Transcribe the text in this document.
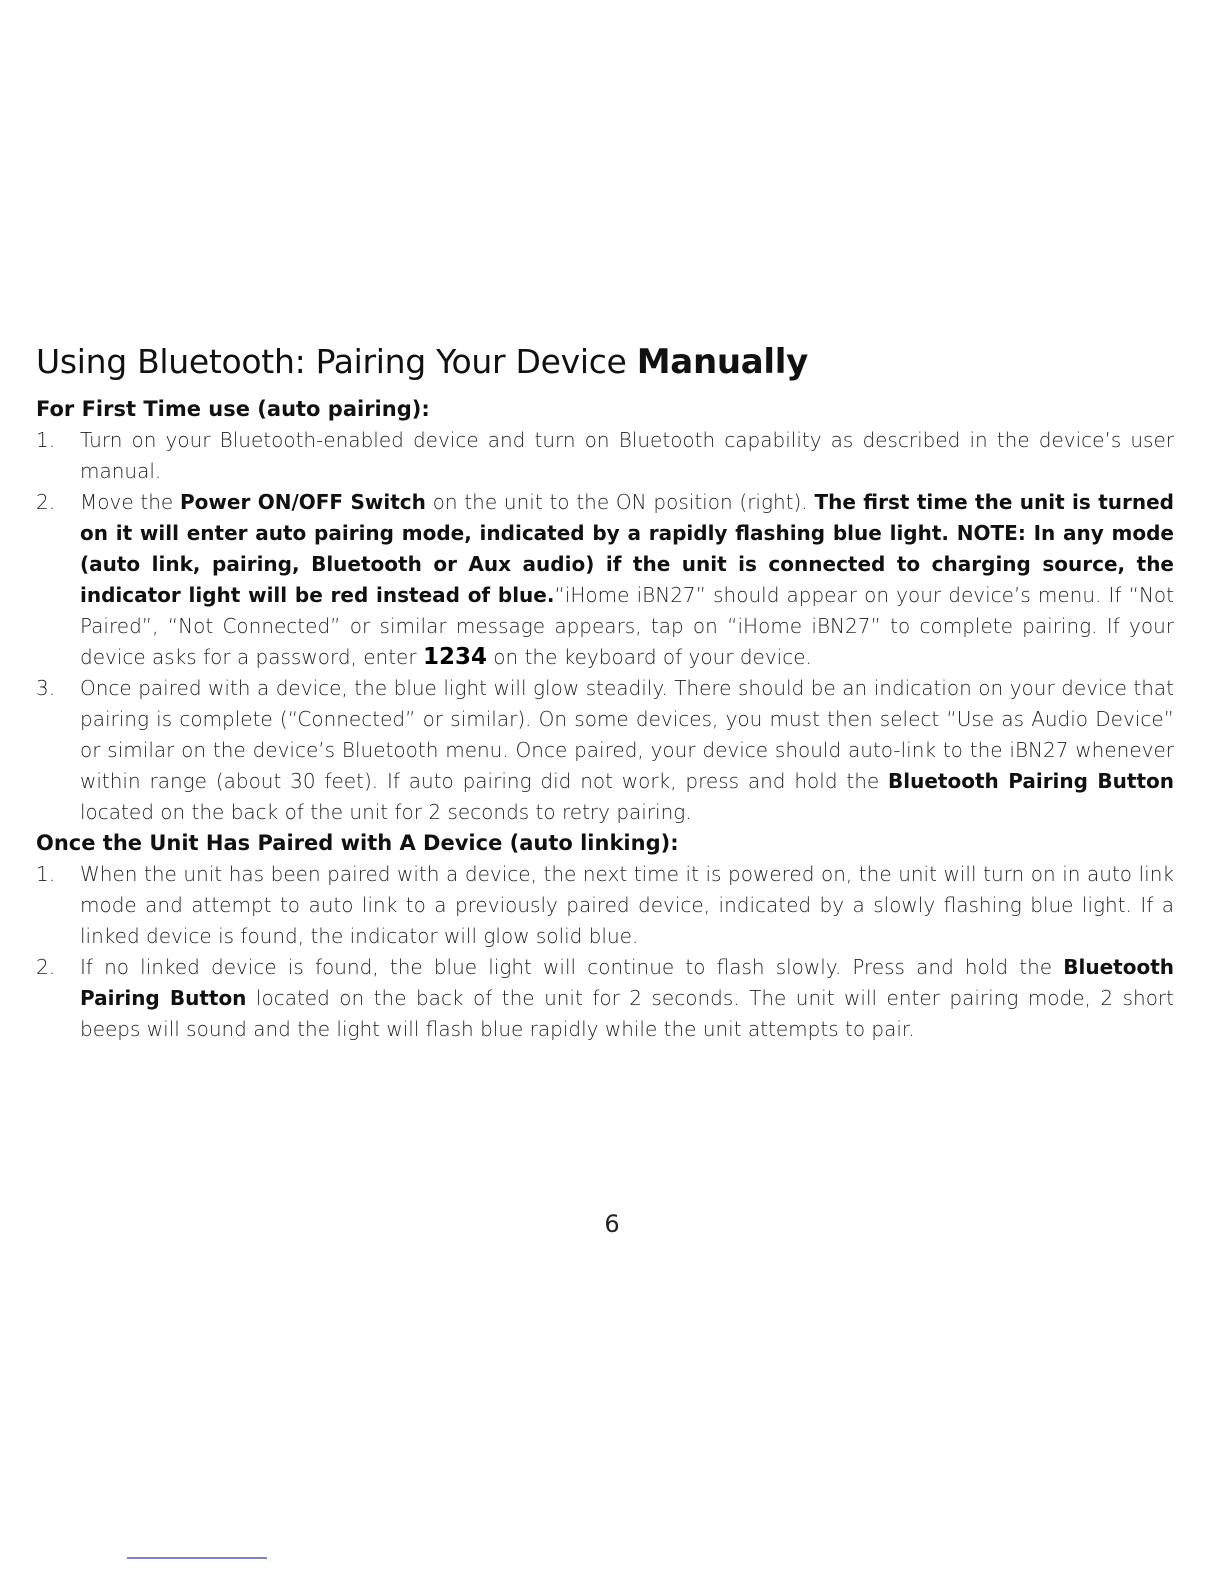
Using Bluetooth: Pairing Your Device Manually
For First Time use (auto pairing):
1. Turn on your Bluetooth-enabled device and turn on Bluetooth capability as described in the device’s user manual.
2. Move the Power ON/OFF Switch on the unit to the ON position (right). The first time the unit is turned on it will enter auto pairing mode, indicated by a rapidly flashing blue light. NOTE: In any mode (auto link, pairing, Bluetooth or Aux audio) if the unit is connected to charging source, the indicator light will be red instead of blue.“iHome iBN27” should appear on your device’s menu. If “Not Paired”, “Not Connected” or similar message appears, tap on “iHome iBN27” to complete pairing. If your device asks for a password, enter 1234 on the keyboard of your device.
3. Once paired with a device, the blue light will glow steadily. There should be an indication on your device that pairing is complete (“Connected” or similar). On some devices, you must then select “Use as Audio Device” or similar on the device’s Bluetooth menu. Once paired, your device should auto-link to the iBN27 whenever within range (about 30 feet). If auto pairing did not work, press and hold the Bluetooth Pairing Button located on the back of the unit for 2 seconds to retry pairing.
Once the Unit Has Paired with A Device (auto linking):
1. When the unit has been paired with a device, the next time it is powered on, the unit will turn on in auto link mode and attempt to auto link to a previously paired device, indicated by a slowly flashing blue light. If a linked device is found, the indicator will glow solid blue.
2. If no linked device is found, the blue light will continue to flash slowly. Press and hold the Bluetooth Pairing Button located on the back of the unit for 2 seconds. The unit will enter pairing mode, 2 short beeps will sound and the light will flash blue rapidly while the unit attempts to pair.
6
